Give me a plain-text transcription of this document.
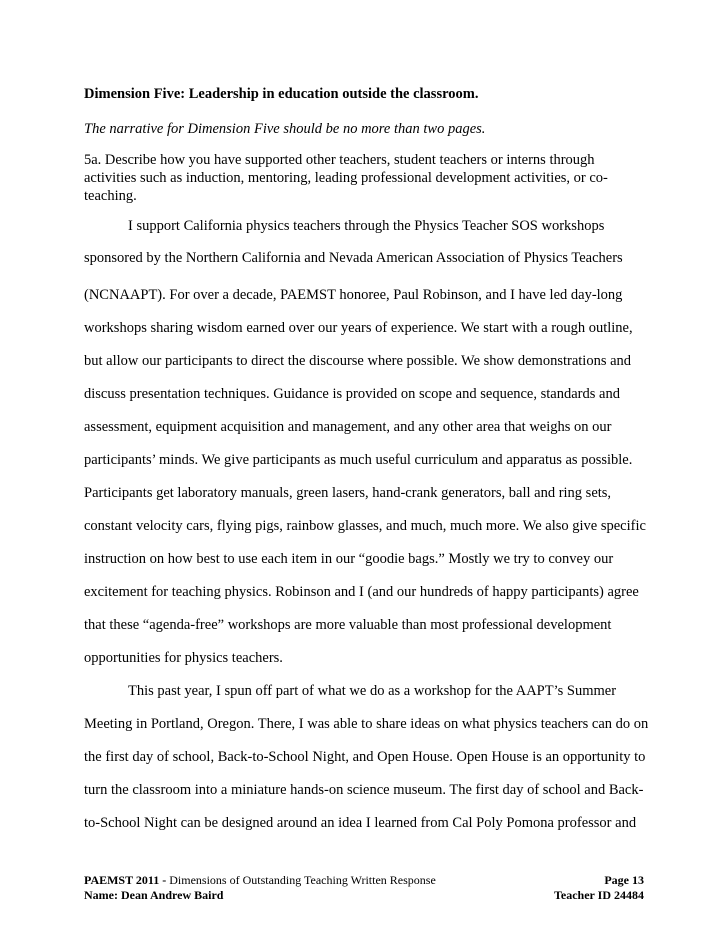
Dimension Five: Leadership in education outside the classroom.
The narrative for Dimension Five should be no more than two pages.
5a. Describe how you have supported other teachers, student teachers or interns through activities such as induction, mentoring, leading professional development activities, or co-teaching.
I support California physics teachers through the Physics Teacher SOS workshops
sponsored by the Northern California and Nevada American Association of Physics Teachers
(NCNAAPT). For over a decade, PAEMST honoree, Paul Robinson, and I have led day-long
workshops sharing wisdom earned over our years of experience. We start with a rough outline,
but allow our participants to direct the discourse where possible. We show demonstrations and
discuss presentation techniques. Guidance is provided on scope and sequence, standards and
assessment, equipment acquisition and management, and any other area that weighs on our
participants’ minds. We give participants as much useful curriculum and apparatus as possible.
Participants get laboratory manuals, green lasers, hand-crank generators, ball and ring sets,
constant velocity cars, flying pigs, rainbow glasses, and much, much more. We also give specific
instruction on how best to use each item in our “goodie bags.” Mostly we try to convey our
excitement for teaching physics. Robinson and I (and our hundreds of happy participants) agree
that these “agenda-free” workshops are more valuable than most professional development
opportunities for physics teachers.
This past year, I spun off part of what we do as a workshop for the AAPT’s Summer
Meeting in Portland, Oregon. There, I was able to share ideas on what physics teachers can do on
the first day of school, Back-to-School Night, and Open House. Open House is an opportunity to
turn the classroom into a miniature hands-on science museum. The first day of school and Back-
to-School Night can be designed around an idea I learned from Cal Poly Pomona professor and
PAEMST 2011 - Dimensions of Outstanding Teaching Written Response
Name: Dean Andrew Baird
Page 13
Teacher ID 24484
